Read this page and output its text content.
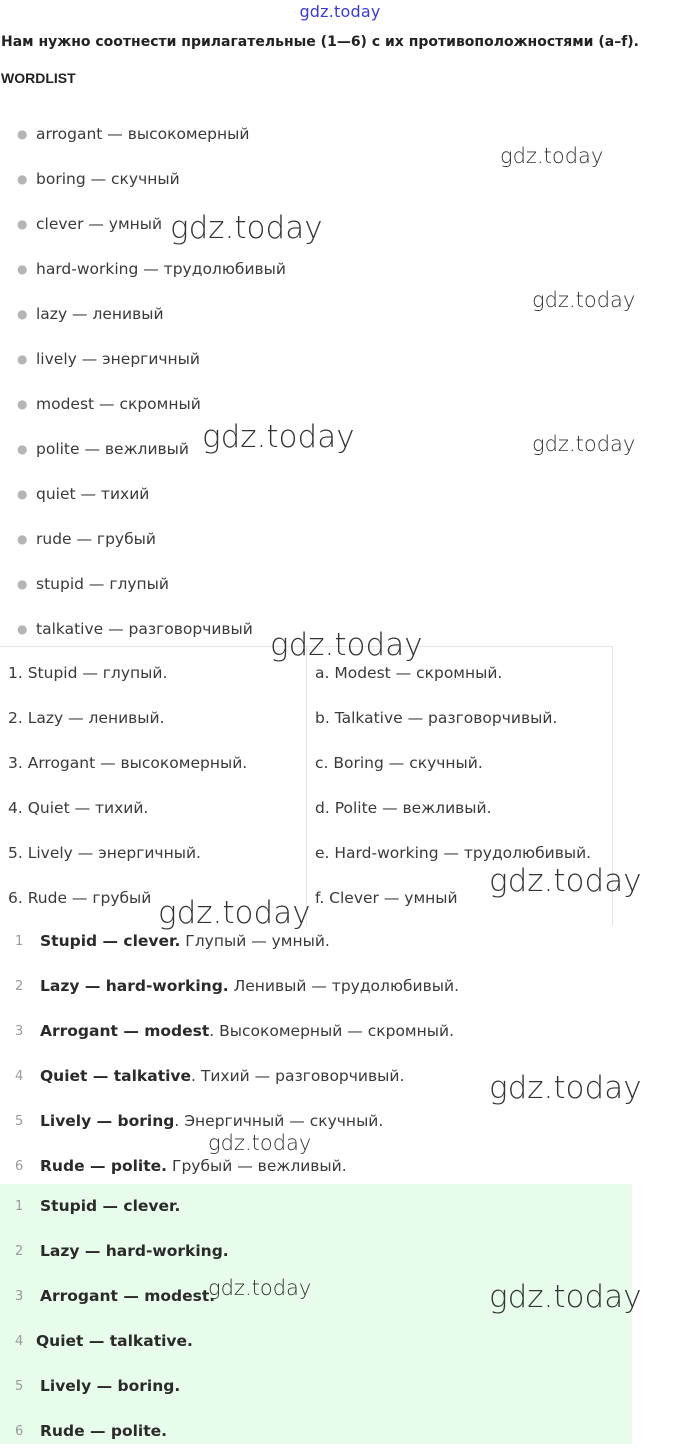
gdz.today
Нам нужно соотнести прилагательные (1—6) с их противоположностями (a–f).
WORDLIST
● arrogant — высокомерный
● boring — скучный
● clever — умный
● hard-working — трудолюбивый
● lazy — ленивый
● lively — энергичный
● modest — скромный
● polite — вежливый
● quiet — тихий
● rude — грубый
● stupid — глупый
● talkative — разговорчивый
1. Stupid — глупый.
2. Lazy — ленивый.
3. Arrogant — высокомерный.
4. Quiet — тихий.
5. Lively — энергичный.
6. Rude — грубый
a. Modest — скромный.
b. Talkative — разговорчивый.
c. Boring — скучный.
d. Polite — вежливый.
e. Hard-working — трудолюбивый.
f. Clever — умный
1 Stupid — clever. Глупый — умный.
2 Lazy — hard-working. Ленивый — трудолюбивый.
3 Arrogant — modest. Высокомерный — скромный.
4 Quiet — talkative. Тихий — разговорчивый.
5 Lively — boring. Энергичный — скучный.
6 Rude — polite. Грубый — вежливый.
1 Stupid — clever.
2 Lazy — hard-working.
3 Arrogant — modest.
4 Quiet — talkative.
5 Lively — boring.
6 Rude — polite.
gdz.today
gdz.today
gdz.today
gdz.today	gdz.today
gdz.today
gdz.today
gdz.today
gdz.today
gdz.today
gdz.today	gdz.today
